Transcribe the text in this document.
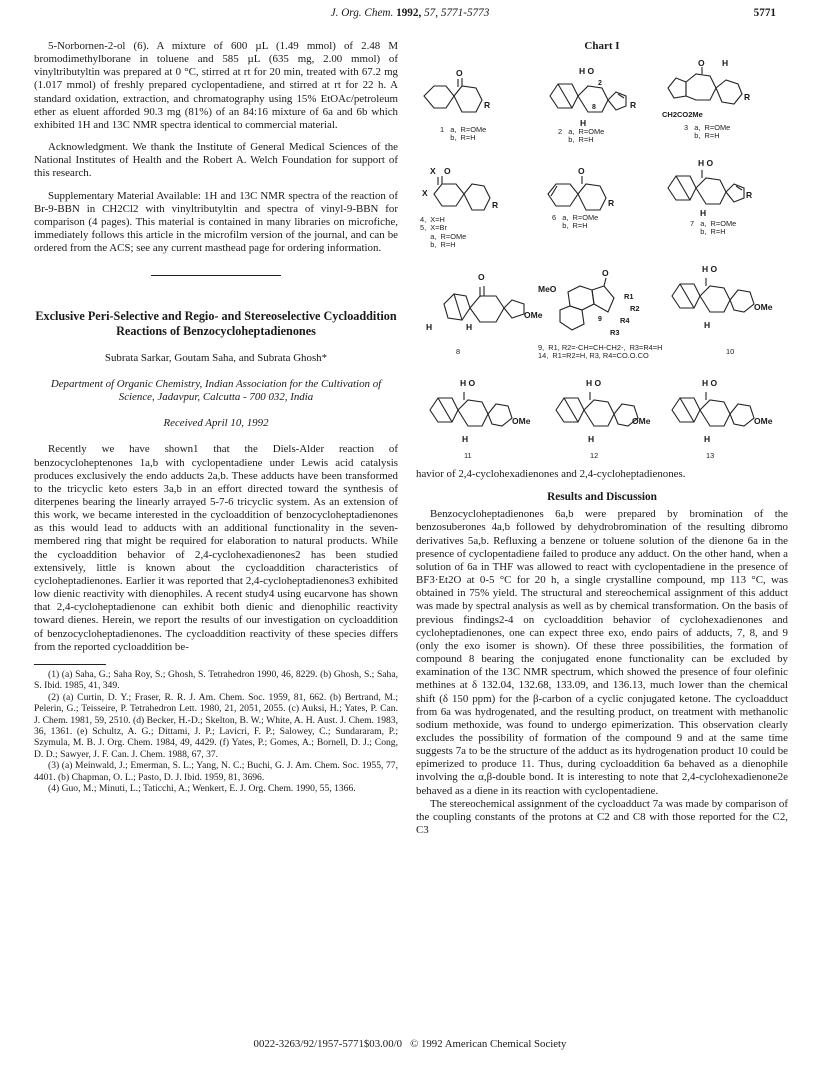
J. Org. Chem. 1992, 57, 5771-5773	5771

5-Norbornen-2-ol (6). A mixture of 600 µL (1.49 mmol) of 2.48 M bromodimethylborane in toluene and 585 µL (635 mg, 2.00 mmol) of vinyltributyltin was prepared at 0 °C, stirred at rt for 20 min, treated with 67.2 mg (1.017 mmol) of freshly prepared cyclopentadiene, and stirred at rt for 22 h. A standard oxidation, extraction, and chromatography using 15% EtOAc/petroleum ether as eluent afforded 90.3 mg (81%) of an 84:16 mixture of 6a and 6b which exhibited 1H and 13C NMR spectra identical to commercial material.

Acknowledgment. We thank the Institute of General Medical Sciences of the National Institutes of Health and the Robert A. Welch Foundation for support of this research.

Supplementary Material Available: 1H and 13C NMR spectra of the reaction of Br-9-BBN in CH2Cl2 with vinyltributyltin and spectra of vinyl-9-BBN for comparison (4 pages). This material is contained in many libraries on microfiche, immediately follows this article in the microfilm version of the journal, and can be ordered from the ACS; see any current masthead page for ordering information.

Exclusive Peri-Selective and Regio- and Stereoselective Cycloaddition Reactions of Benzocycloheptadienones

Subrata Sarkar, Goutam Saha, and Subrata Ghosh*

Department of Organic Chemistry, Indian Association for the Cultivation of Science, Jadavpur, Calcutta - 700 032, India

Received April 10, 1992

Recently we have shown1 that the Diels-Alder reaction of benzocycloheptenones 1a,b with cyclopentadiene under Lewis acid catalysis produces exclusively the endo adducts 2a,b. These adducts have been transformed to the tricyclic keto esters 3a,b in an effort directed toward the synthesis of diterpenes bearing the linearly arrayed 5-7-6 tricyclic system. As an extension of this work, we became interested in the cycloaddition of benzocycloheptadienones as this would lead to adducts with an additional functionality in the seven-membered ring that might be required for elaboration to natural products. While the cycloaddition behavior of 2,4-cyclohexadienones2 has been studied extensively, little is known about the cycloaddition characteristics of cycloheptadienones. Earlier it was reported that 2,4-cycloheptadienones3 exhibited low dienic reactivity with dienophiles. A recent study4 using eucarvone has shown that 2,4-cycloheptadienone can exhibit both dienic and dienophilic reactivity toward dienes. Herein, we report the results of our investigation on cycloaddition of benzocycloheptadienones. The cycloaddition reactivity of these species differs from the reported cycloaddition be-

(1) (a) Saha, G.; Saha Roy, S.; Ghosh, S. Tetrahedron 1990, 46, 8229. (b) Ghosh, S.; Saha, S. Ibid. 1985, 41, 349.

(2) (a) Curtin, D. Y.; Fraser, R. R. J. Am. Chem. Soc. 1959, 81, 662. (b) Bertrand, M.; Pelerin, G.; Teisseire, P. Tetrahedron Lett. 1980, 21, 2051, 2055. (c) Auksi, H.; Yates, P. Can. J. Chem. 1981, 59, 2510. (d) Becker, H.-D.; Skelton, B. W.; White, A. H. Aust. J. Chem. 1983, 36, 1361. (e) Schultz, A. G.; Dittami, J. P.; Lavicri, F. P.; Salowey, C.; Sundararam, P.; Szymula, M. B. J. Org. Chem. 1984, 49, 4429. (f) Yates, P.; Gomes, A.; Bornell, D. J.; Cong, D. D.; Sawyer, J. F. Can. J. Chem. 1988, 67, 37.

(3) (a) Meinwald, J.; Emerman, S. L.; Yang, N. C.; Buchi, G. J. Am. Chem. Soc. 1955, 77, 4401. (b) Chapman, O. L.; Pasto, D. J. Ibid. 1959, 81, 3696.

(4) Guo, M.; Minuti, L.; Taticchi, A.; Wenkert, E. J. Org. Chem. 1990, 55, 1366.

Chart I
O
R
1   a,  R=OMe
b,  R=H
H O
R
H
2
8
2   a,  R=OMe
b,  R=H
O H
R
CH2CO2Me
3   a,  R=OMe
b,  R=H
X O
X
R
4,  X=H
5,  X=Br
a,  R=OMe
b,  R=H
O
R
6   a,  R=OMe
b,  R=H
H O
R
H
7   a,  R=OMe
b,  R=H
O
OMe
H	H
8
MeO
O
R1
R2
R4
R3
9
9,  R1, R2=-CH=CH-CH2-,  R3=R4=H
14,  R1=R2=H, R3, R4=CO.O.CO
H O
OMe
H
10
H O
OMe
H
11
H O
OMe
H
12
H O
OMe
H
13

havior of 2,4-cyclohexadienones and 2,4-cycloheptadienones.

Results and Discussion

Benzocycloheptadienones 6a,b were prepared by bromination of the benzosuberones 4a,b followed by dehydrobromination of the resulting dibromo derivatives 5a,b. Refluxing a benzene or toluene solution of the dienone 6a in the presence of cyclopentadiene failed to produce any adduct. On the other hand, when a solution of 6a in THF was allowed to react with cyclopentadiene in the presence of BF3·Et2O at 0-5 °C for 20 h, a single crystalline compound, mp 113 °C, was obtained in 75% yield. The structural and stereochemical assignment of this adduct was made by spectral analysis as well as by chemical transformation. On the basis of previous findings2-4 on cycloaddition behavior of cyclohexadienones and cycloheptadienones, one can expect three exo, endo pairs of adducts, 7, 8, and 9 (only the exo isomer is shown). Of these three possibilities, the formation of compound 8 bearing the conjugated enone functionality can be excluded by examination of the 13C NMR spectrum, which showed the presence of four olefinic methines at δ 132.04, 132.68, 133.09, and 136.13, much lower than the chemical shift (δ 150 ppm) for the β-carbon of a cyclic conjugated ketone. The cycloadduct from 6a was hydrogenated, and the resulting product, on treatment with methanolic sodium methoxide, was found to undergo epimerization. This observation clearly excludes the possibility of formation of the compound 9 and at the same time suggests 7a to be the structure of the adduct as its hydrogenation product 10 could be epimerized to produce 11. Thus, during cycloaddition 6a behaved as a dienophile involving the α,β-double bond. It is interesting to note that 2,4-cyclohexadienone2e behaved as a diene in its reaction with cyclopentadiene.

The stereochemical assignment of the cycloadduct 7a was made by comparison of the coupling constants of the protons at C2 and C8 with those reported for the C2, C3

0022-3263/92/1957-5771$03.00/0 © 1992 American Chemical Society
